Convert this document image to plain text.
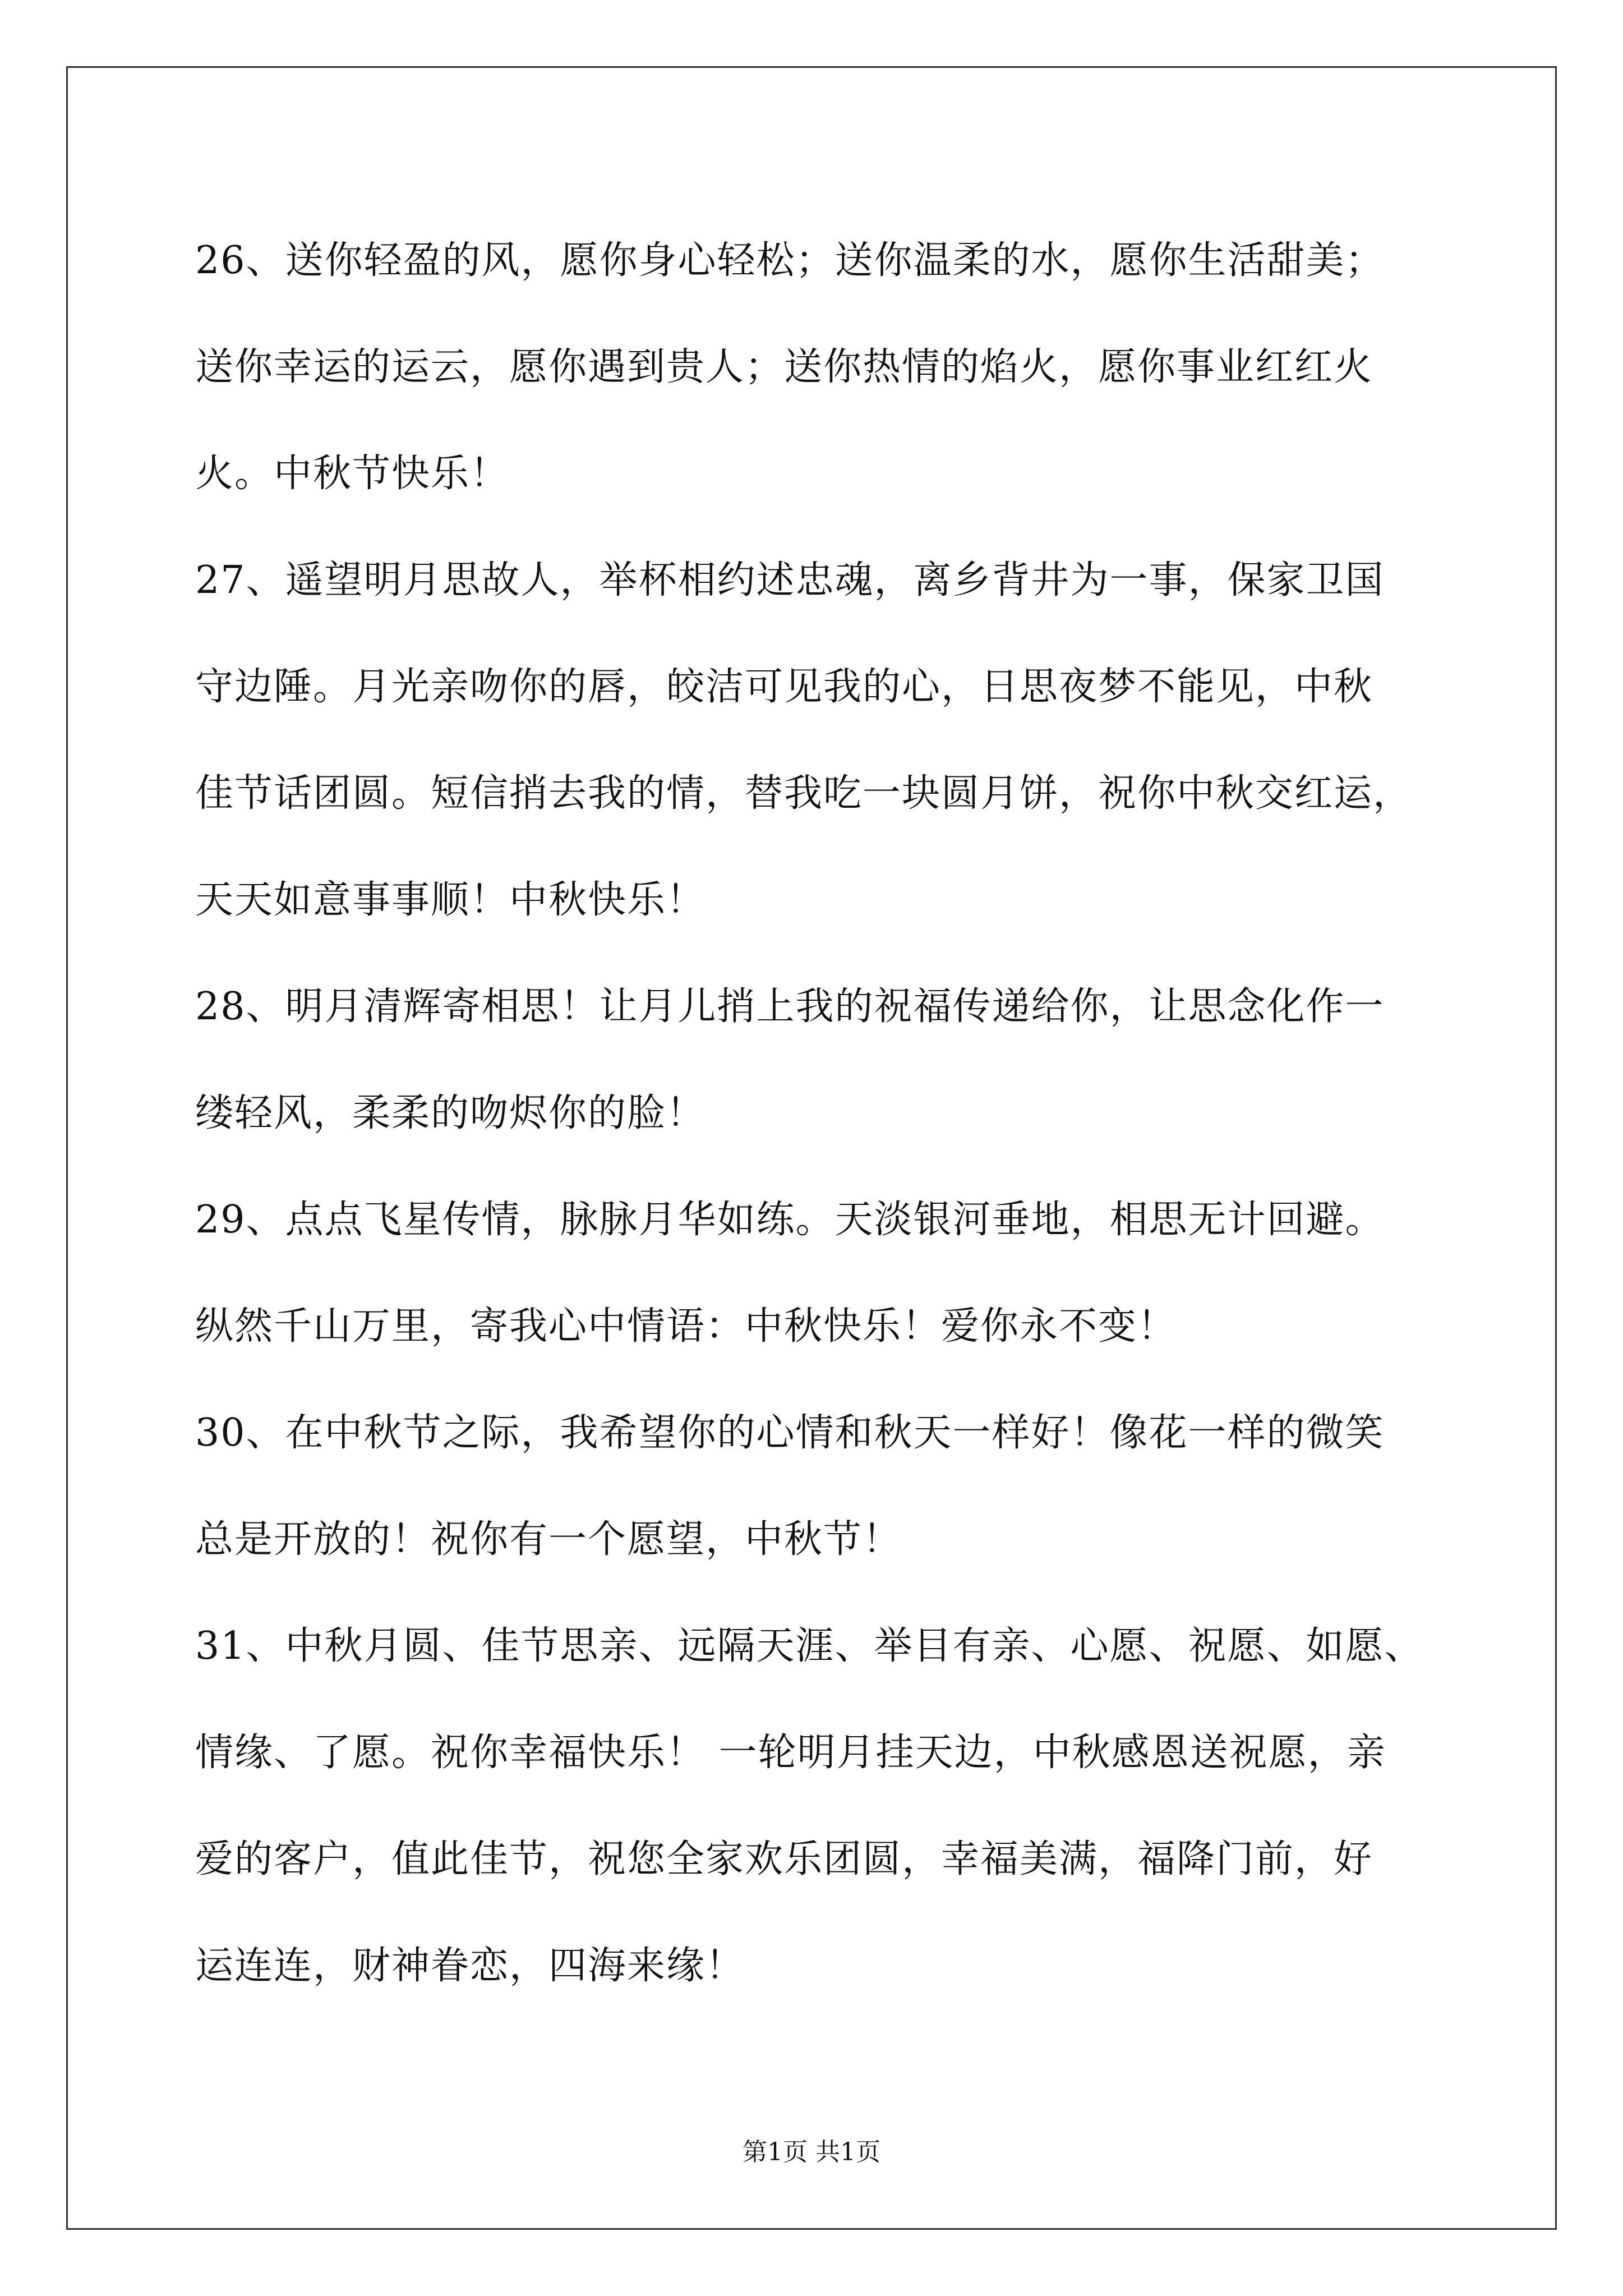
26、送你轻盈的风，愿你身心轻松；送你温柔的水，愿你生活甜美；
送你幸运的运云，愿你遇到贵人；送你热情的焰火，愿你事业红红火
火。中秋节快乐！
27、遥望明月思故人，举杯相约述忠魂，离乡背井为一事，保家卫国
守边陲。月光亲吻你的唇，皎洁可见我的心，日思夜梦不能见，中秋
佳节话团圆。短信捎去我的情，替我吃一块圆月饼，祝你中秋交红运，
天天如意事事顺！中秋快乐！
28、明月清辉寄相思！让月儿捎上我的祝福传递给你，让思念化作一
缕轻风，柔柔的吻烬你的脸！
29、点点飞星传情，脉脉月华如练。天淡银河垂地，相思无计回避。
纵然千山万里，寄我心中情语：中秋快乐！爱你永不变！
30、在中秋节之际，我希望你的心情和秋天一样好！像花一样的微笑
总是开放的！祝你有一个愿望，中秋节！
31、中秋月圆、佳节思亲、远隔天涯、举目有亲、心愿、祝愿、如愿、
情缘、了愿。祝你幸福快乐！ 一轮明月挂天边，中秋感恩送祝愿，亲
爱的客户，值此佳节，祝您全家欢乐团圆，幸福美满，福降门前，好
运连连，财神眷恋，四海来缘！
第1页 共1页
